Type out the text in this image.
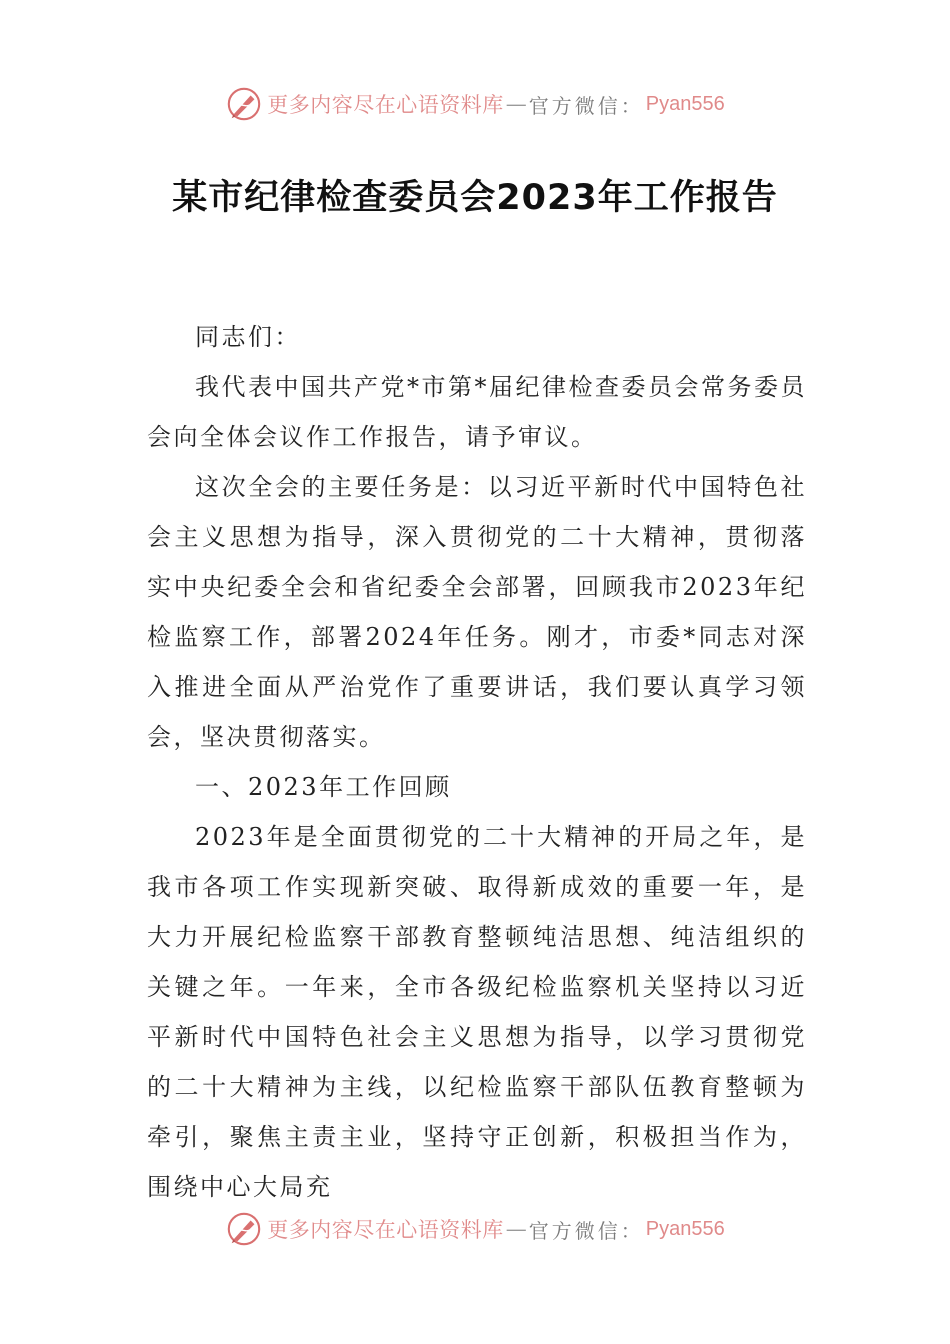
更多内容尽在心语资料库 — 官方微信： Pyan556
某市纪律检查委员会2023年工作报告

同志们：

我代表中国共产党*市第*届纪律检查委员会常务委员会向全体会议作工作报告，请予审议。

这次全会的主要任务是：以习近平新时代中国特色社会主义思想为指导，深入贯彻党的二十大精神，贯彻落实中央纪委全会和省纪委全会部署，回顾我市2023年纪检监察工作，部署2024年任务。刚才，市委*同志对深入推进全面从严治党作了重要讲话，我们要认真学习领会，坚决贯彻落实。

一、2023年工作回顾

2023年是全面贯彻党的二十大精神的开局之年，是我市各项工作实现新突破、取得新成效的重要一年，是大力开展纪检监察干部教育整顿纯洁思想、纯洁组织的关键之年。一年来，全市各级纪检监察机关坚持以习近平新时代中国特色社会主义思想为指导，以学习贯彻党的二十大精神为主线，以纪检监察干部队伍教育整顿为牵引，聚焦主责主业，坚持守正创新，积极担当作为，围绕中心大局充

更多内容尽在心语资料库 — 官方微信： Pyan556
